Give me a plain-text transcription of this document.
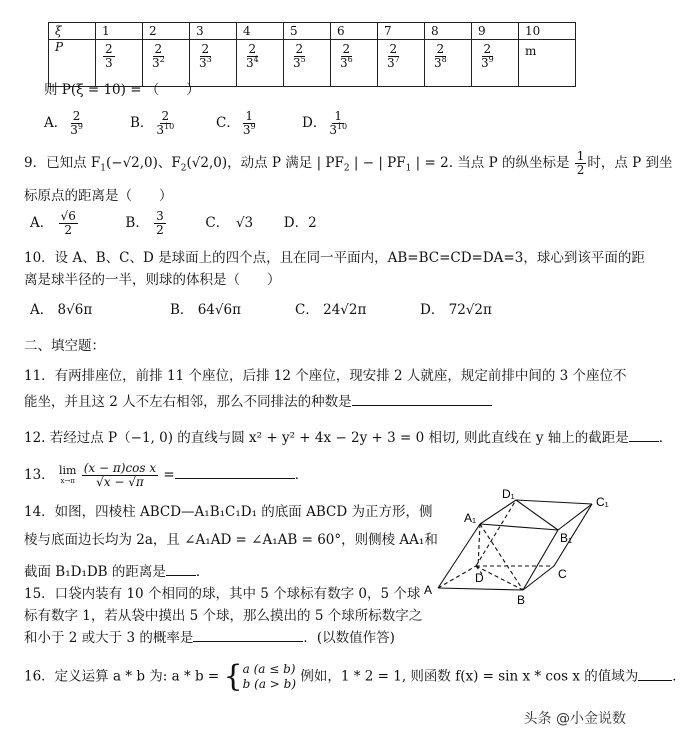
ξ	1	2	3	4	5	6	7	8	9	10
P	$\frac{2}{3}$	$\frac{2}{3^2}$	$\frac{2}{3^3}$	$\frac{2}{3^4}$	$\frac{2}{3^5}$	$\frac{2}{3^6}$	$\frac{2}{3^7}$	$\frac{2}{3^8}$	$\frac{2}{3^9}$	m
则 P(ξ = 10) = （　　）
A． $\frac{2}{3^9}$	B． $\frac{2}{3^{10}}$	C． $\frac{1}{3^9}$	D． $\frac{1}{3^{10}}$
9．已知点 $F_1(-√2,0)$、$F_2(√2,0)$，动点 P 满足 | $PF_2$ | − | $PF_1$ | = 2. 当点 P 的纵坐标是 $\frac{1}{2}$ 时，点 P 到坐
标原点的距离是（　　）
A． $\frac{√6}{2}$	B． $\frac{3}{2}$	C．　√3 D．2
10．设 A、B、C、D 是球面上的四个点，且在同一平面内，AB=BC=CD=DA=3，球心到该平面的距
离是球半径的一半，则球的体积是（　　）
A． 8√6π	B． 64√6π	C． 24√2π	D． 72√2π
二、填空题：
11．有两排座位，前排 11 个座位，后排 12 个座位，现安排 2 人就座，规定前排中间的 3 个座位不
能坐，并且这 2 人不左右相邻，那么不同排法的种数是
12. 若经过点 P（−1, 0) 的直线与圆 x² + y² + 4x − 2y + 3 = 0 相切, 则此直线在 y 轴上的截距是 ．
13． lim
x→π
$\frac{\text{(x − π)cos x}}{√x - √\pi}$ =	．
14．如图，四棱柱 ABCD—A₁B₁C₁D₁ 的底面 ABCD 为正方形，侧
棱与底面边长均为 2a，且 ∠A₁AD = ∠A₁AB = 60°，则侧棱 AA₁和
截面 B₁D₁DB 的距离是 ．
15．口袋内装有 10 个相同的球，其中 5 个球标有数字 0，5 个球
标有数字 1，若从袋中摸出 5 个球，那么摸出的 5 个球所标数字之
和小于 2 或大于 3 的概率是	．(以数值作答)
16．定义运算 a * b 为: a * b = { a (a ≤ b)
b (a > b) 例如，1 * 2 = 1, 则函数 f(x) = sin x * cos x 的值域为	．
A
B
C
D
A₁
B₁
C₁
D₁
头条 @小金说数
